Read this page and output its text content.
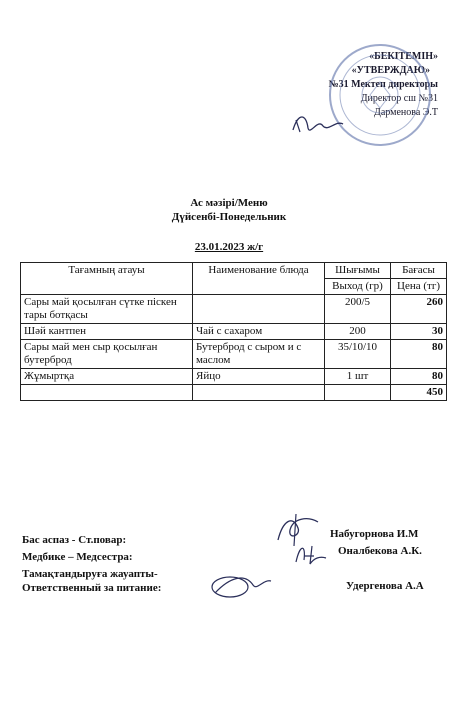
«БЕКІТЕМІН»
«УТВЕРЖДАЮ»
№31 Мектеп директоры
Директор сш №31
Дарменова Э.Т
Ас мәзірі/Меню
Дүйсенбі-Понедельник
23.01.2023 ж/г
Тағамның атауы	Наименование блюда	Шығымы	Бағасы
		Выход (гр)	Цена (тг)
Сары май қосылған сүтке піскен тары ботқасы		200/5	260
Шәй кантпен	Чай с сахаром	200	30
Сары май мен сыр қосылған бутерброд	Бутерброд с сыром и с маслом	35/10/10	80
Жұмыртқа	Яйцо	1 шт	80
			450
Бас аспаз - Ст.повар:
Медбике – Медсестра:
Тамақтандыруға жауапты-
Ответственный за питание:
Набугорнова И.М
Оналбекова А.К.
Удергенова А.А
